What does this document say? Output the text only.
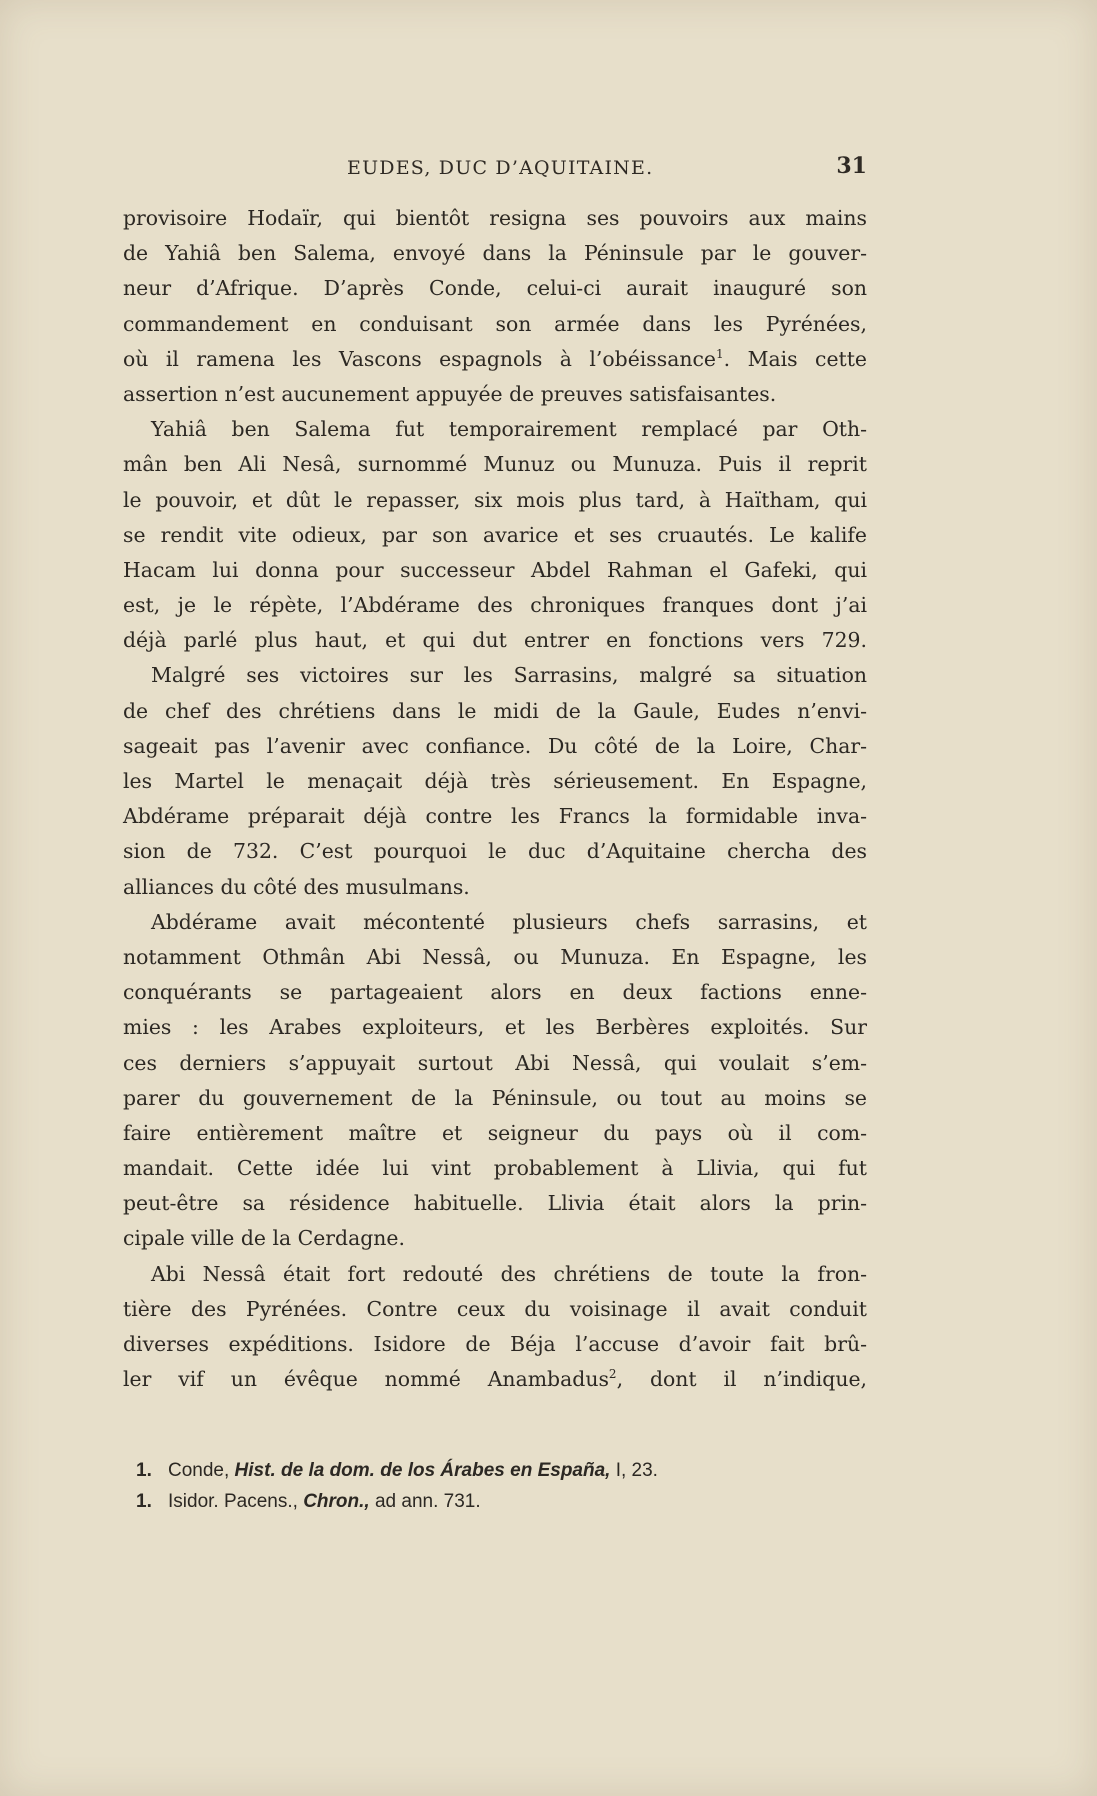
EUDES, DUC D’AQUITAINE.	31
provisoire Hodaïr, qui bientôt resigna ses pouvoirs aux mains
de Yahiâ ben Salema, envoyé dans la Péninsule par le gouver-
neur d’Afrique. D’après Conde, celui-ci aurait inauguré son
commandement en conduisant son armée dans les Pyrénées,
où il ramena les Vascons espagnols à l’obéissance$^1$. Mais cette
assertion n’est aucunement appuyée de preuves satisfaisantes.
Yahiâ ben Salema fut temporairement remplacé par Oth-
mân ben Ali Nesâ, surnommé Munuz ou Munuza. Puis il reprit
le pouvoir, et dût le repasser, six mois plus tard, à Haïtham, qui
se rendit vite odieux, par son avarice et ses cruautés. Le kalife
Hacam lui donna pour successeur Abdel Rahman el Gafeki, qui
est, je le répète, l’Abdérame des chroniques franques dont j’ai
déjà parlé plus haut, et qui dut entrer en fonctions vers 729.
Malgré ses victoires sur les Sarrasins, malgré sa situation
de chef des chrétiens dans le midi de la Gaule, Eudes n’envi-
sageait pas l’avenir avec confiance. Du côté de la Loire, Char-
les Martel le menaçait déjà très sérieusement. En Espagne,
Abdérame préparait déjà contre les Francs la formidable inva-
sion de 732. C’est pourquoi le duc d’Aquitaine chercha des
alliances du côté des musulmans.
Abdérame avait mécontenté plusieurs chefs sarrasins, et
notamment Othmân Abi Nessâ, ou Munuza. En Espagne, les
conquérants se partageaient alors en deux factions enne-
mies : les Arabes exploiteurs, et les Berbères exploités. Sur
ces derniers s’appuyait surtout Abi Nessâ, qui voulait s’em-
parer du gouvernement de la Péninsule, ou tout au moins se
faire entièrement maître et seigneur du pays où il com-
mandait. Cette idée lui vint probablement à Llivia, qui fut
peut-être sa résidence habituelle. Llivia était alors la prin-
cipale ville de la Cerdagne.
Abi Nessâ était fort redouté des chrétiens de toute la fron-
tière des Pyrénées. Contre ceux du voisinage il avait conduit
diverses expéditions. Isidore de Béja l’accuse d’avoir fait brû-
ler vif un évêque nommé Anambadus$^2$, dont il n’indique,
1. Conde, Hist. de la dom. de los Árabes en España, I, 23.
1. Isidor. Pacens., Chron., ad ann. 731.
